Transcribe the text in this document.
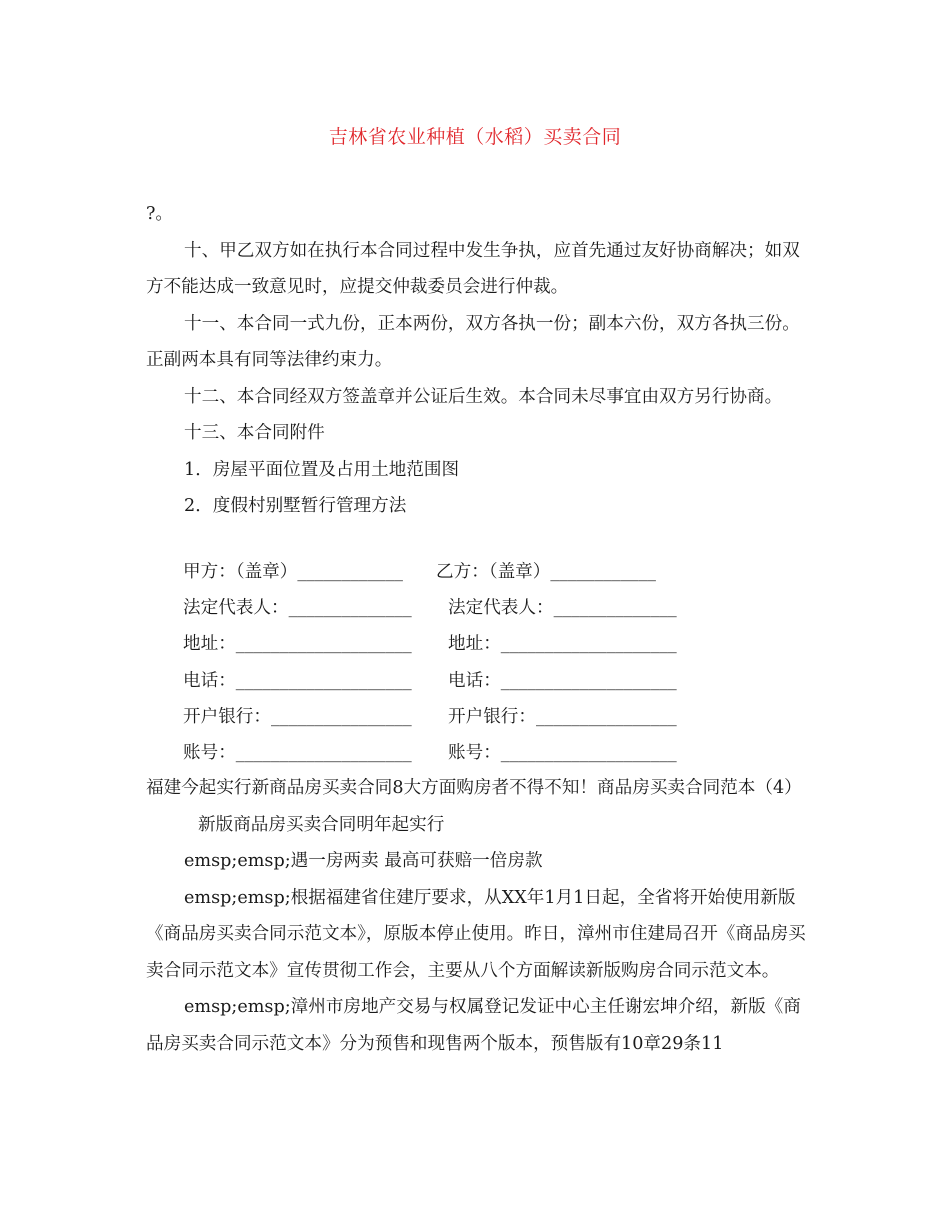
吉林省农业种植（水稻）买卖合同

?。

十、甲乙双方如在执行本合同过程中发生争执，应首先通过友好协商解决；如双方不能达成一致意见时，应提交仲裁委员会进行仲裁。

十一、本合同一式九份，正本两份，双方各执一份；副本六份，双方各执三份。正副两本具有同等法律约束力。

十二、本合同经双方签盖章并公证后生效。本合同未尽事宜由双方另行协商。

十三、本合同附件

1．房屋平面位置及占用土地范围图

2．度假村别墅暂行管理方法

甲方：（盖章）____________
法定代表人：______________
地址：____________________
电话：____________________
开户银行：________________
账号：____________________
乙方：（盖章）____________
法定代表人：______________
地址：____________________
电话：____________________
开户银行：________________
账号：____________________

福建今起实行新商品房买卖合同8大方面购房者不得不知！商品房买卖合同范本（4）新版商品房买卖合同明年起实行

emsp;emsp;遇一房两卖 最高可获赔一倍房款

emsp;emsp;根据福建省住建厅要求，从XX年1月1日起，全省将开始使用新版《商品房买卖合同示范文本》，原版本停止使用。昨日，漳州市住建局召开《商品房买卖合同示范文本》宣传贯彻工作会，主要从八个方面解读新版购房合同示范文本。

emsp;emsp;漳州市房地产交易与权属登记发证中心主任谢宏坤介绍，新版《商品房买卖合同示范文本》分为预售和现售两个版本，预售版有10章29条11
